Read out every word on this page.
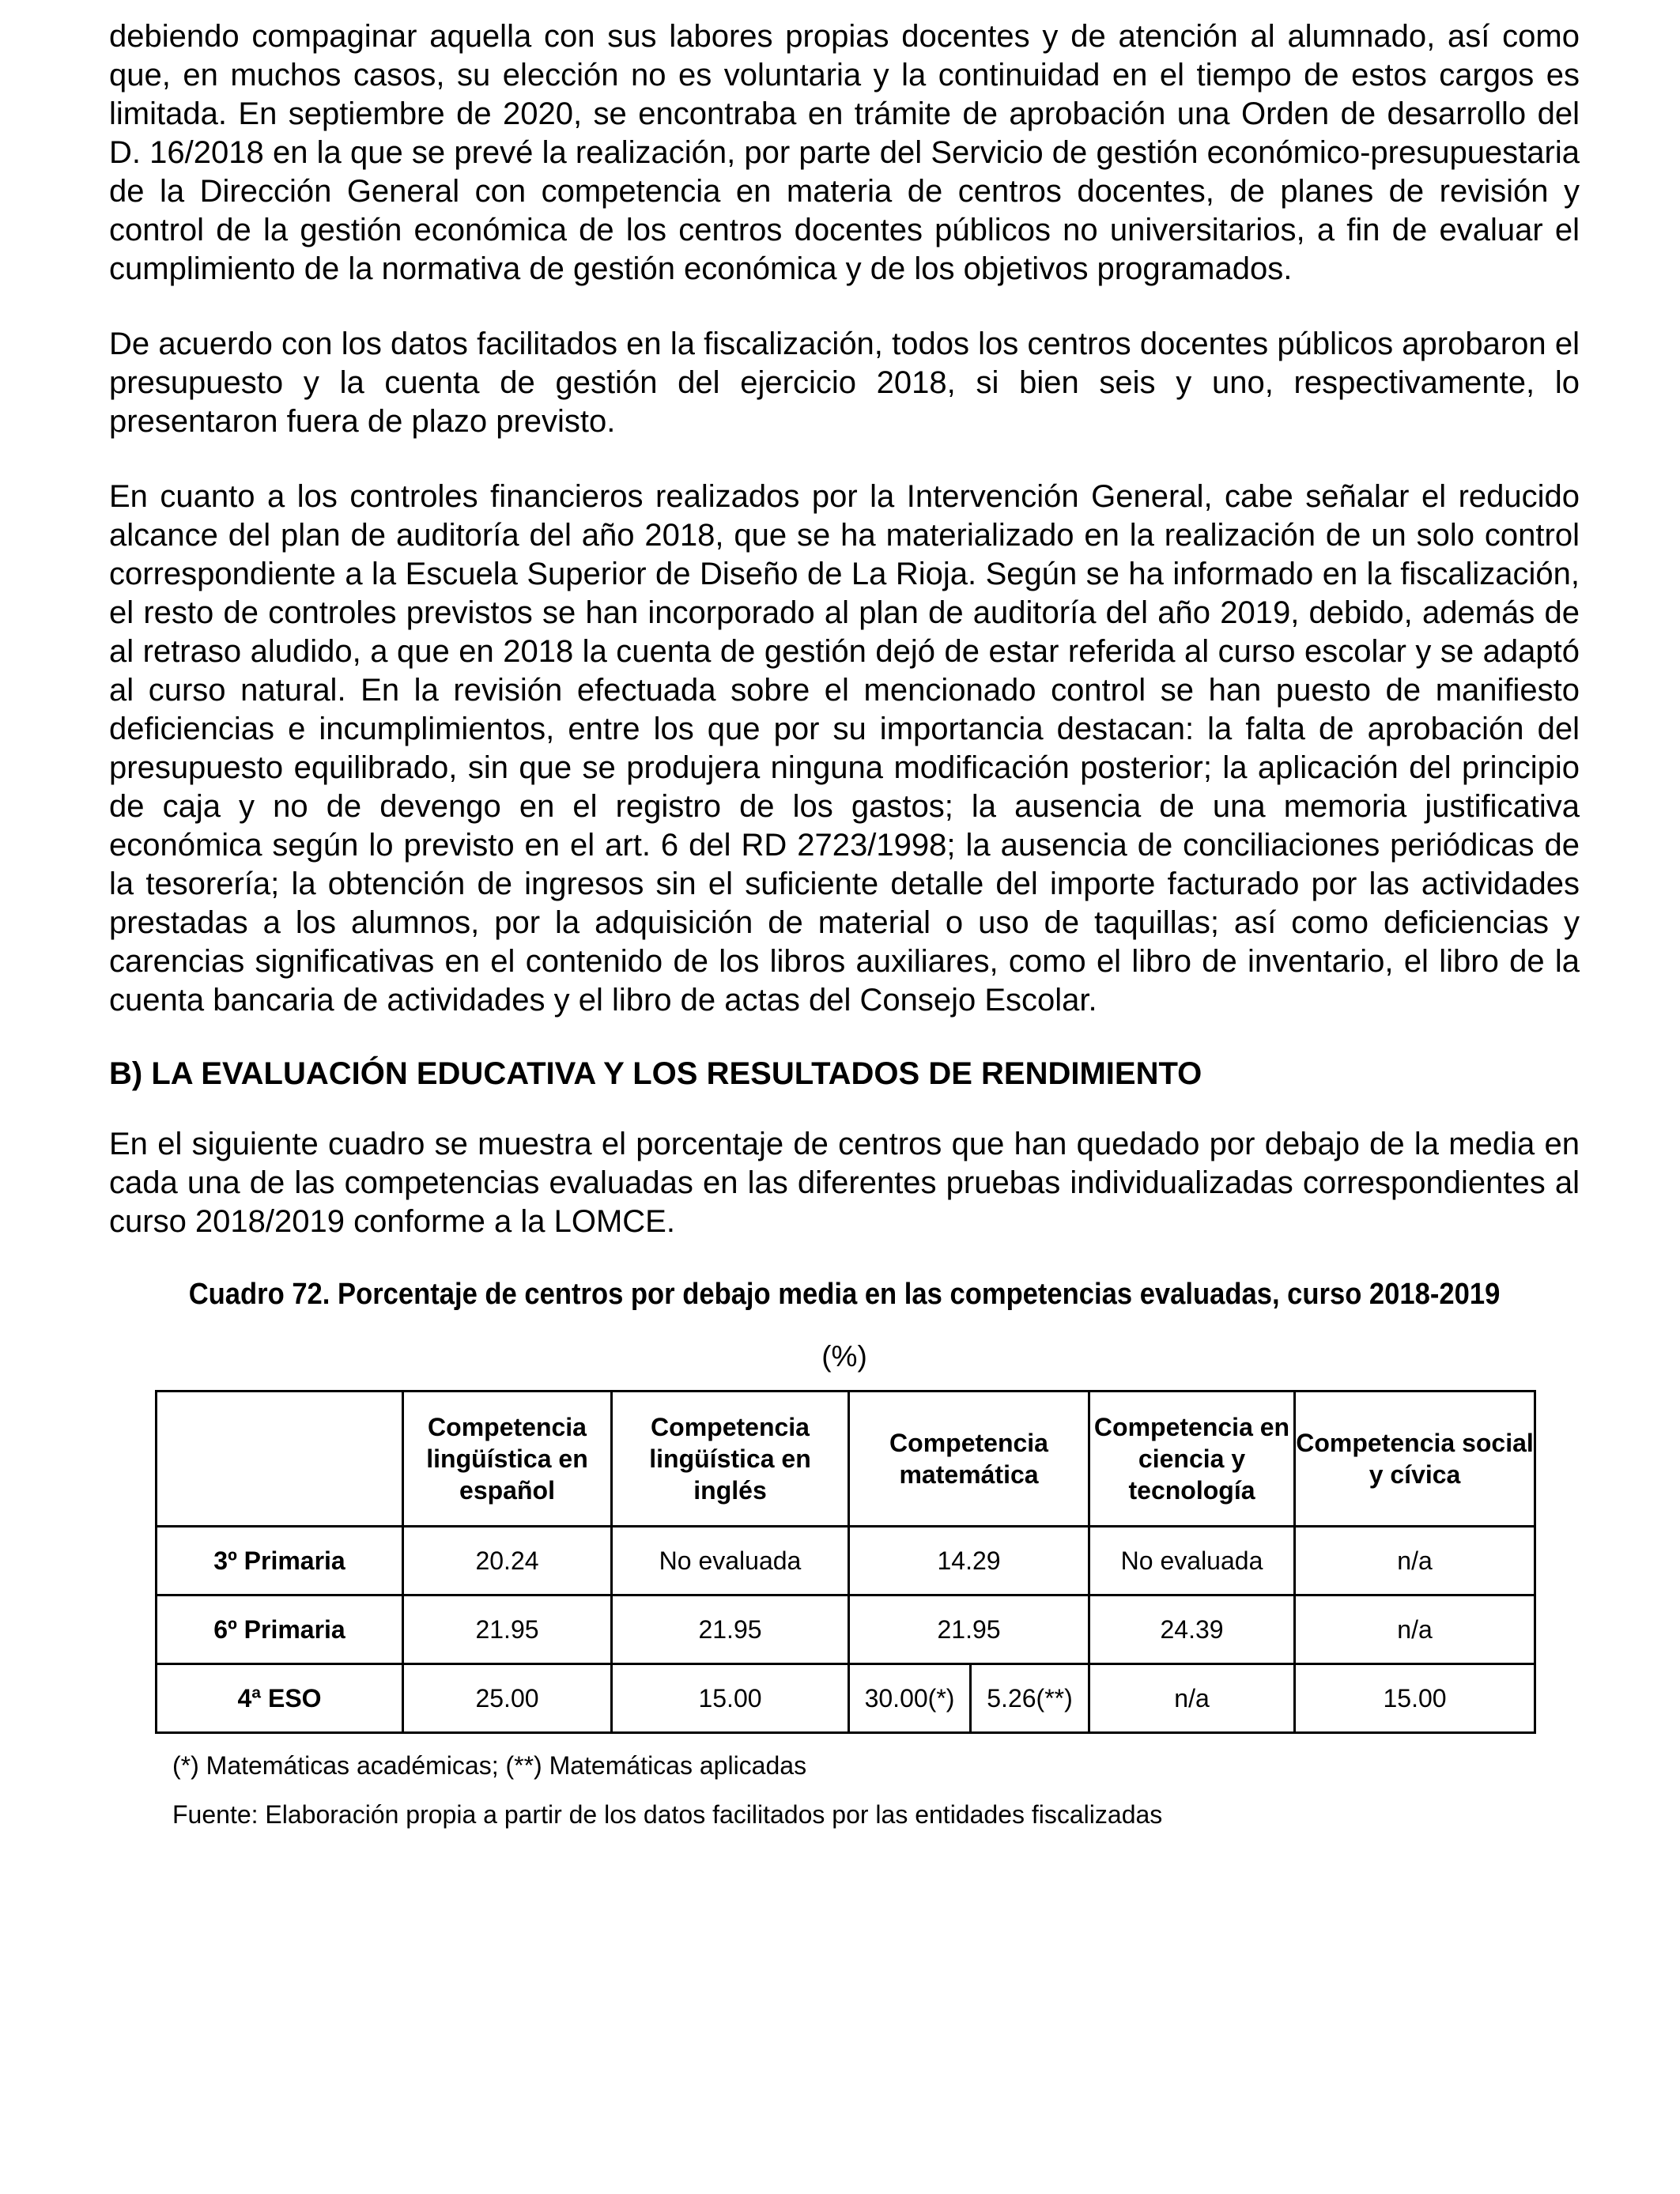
debiendo compaginar aquella con sus labores propias docentes y de atención al alumnado, así como que, en muchos casos, su elección no es voluntaria y la continuidad en el tiempo de estos cargos es limitada. En septiembre de 2020, se encontraba en trámite de aprobación una Orden de desarrollo del D. 16/2018 en la que se prevé la realización, por parte del Servicio de gestión económico-presupuestaria de la Dirección General con competencia en materia de centros docentes, de planes de revisión y control de la gestión económica de los centros docentes públicos no universitarios, a fin de evaluar el cumplimiento de la normativa de gestión económica y de los objetivos programados.

De acuerdo con los datos facilitados en la fiscalización, todos los centros docentes públicos aprobaron el presupuesto y la cuenta de gestión del ejercicio 2018, si bien seis y uno, respectivamente, lo presentaron fuera de plazo previsto.

En cuanto a los controles financieros realizados por la Intervención General, cabe señalar el reducido alcance del plan de auditoría del año 2018, que se ha materializado en la realización de un solo control correspondiente a la Escuela Superior de Diseño de La Rioja. Según se ha informado en la fiscalización, el resto de controles previstos se han incorporado al plan de auditoría del año 2019, debido, además de al retraso aludido, a que en 2018 la cuenta de gestión dejó de estar referida al curso escolar y se adaptó al curso natural. En la revisión efectuada sobre el mencionado control se han puesto de manifiesto deficiencias e incumplimientos, entre los que por su importancia destacan: la falta de aprobación del presupuesto equilibrado, sin que se produjera ninguna modificación posterior; la aplicación del principio de caja y no de devengo en el registro de los gastos; la ausencia de una memoria justificativa económica según lo previsto en el art. 6 del RD 2723/1998; la ausencia de conciliaciones periódicas de la tesorería; la obtención de ingresos sin el suficiente detalle del importe facturado por las actividades prestadas a los alumnos, por la adquisición de material o uso de taquillas; así como deficiencias y carencias significativas en el contenido de los libros auxiliares, como el libro de inventario, el libro de la cuenta bancaria de actividades y el libro de actas del Consejo Escolar.

B) LA EVALUACIÓN EDUCATIVA Y LOS RESULTADOS DE RENDIMIENTO

En el siguiente cuadro se muestra el porcentaje de centros que han quedado por debajo de la media en cada una de las competencias evaluadas en las diferentes pruebas individualizadas correspondientes al curso 2018/2019 conforme a la LOMCE.

Cuadro 72. Porcentaje de centros por debajo media en las competencias evaluadas, curso 2018-2019

(%)

	Competencia lingüística en español	Competencia lingüística en inglés	Competencia matemática		Competencia en ciencia y tecnología	Competencia social y cívica
3º Primaria	20.24	No evaluada	14.29		No evaluada	n/a
6º Primaria	21.95	21.95	21.95		24.39	n/a
4ª ESO	25.00	15.00	30.00(*)	5.26(**)	n/a	15.00

(*) Matemáticas académicas; (**) Matemáticas aplicadas

Fuente: Elaboración propia a partir de los datos facilitados por las entidades fiscalizadas
